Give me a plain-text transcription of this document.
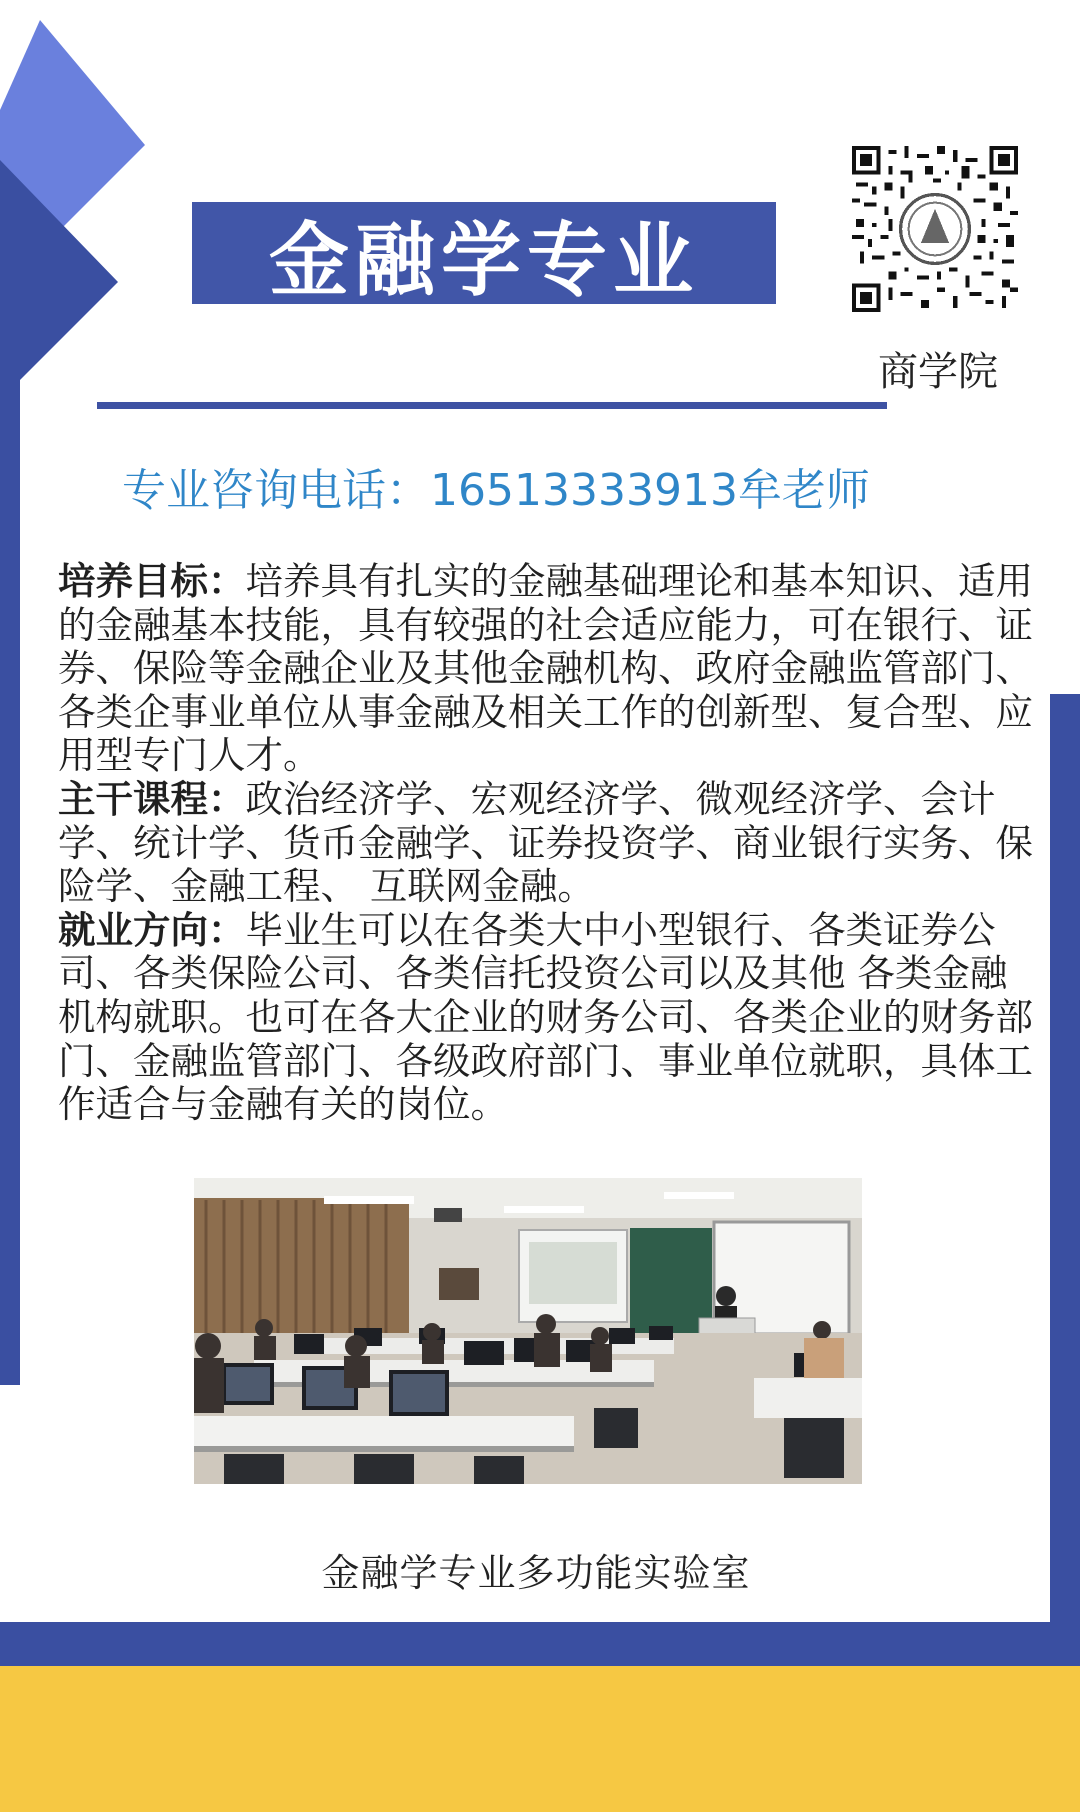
金融学专业
商学院
专业咨询电话：16513333913牟老师

培养目标：培养具有扎实的金融基础理论和基本知识、适用的金融基本技能，具有较强的社会适应能力，可在银行、证券、保险等金融企业及其他金融机构、政府金融监管部门、各类企事业单位从事金融及相关工作的创新型、复合型、应用型专门人才。

主干课程：政治经济学、宏观经济学、微观经济学、会计学、统计学、货币金融学、证券投资学、商业银行实务、保险学、金融工程、 互联网金融。

就业方向：毕业生可以在各类大中小型银行、各类证券公司、各类保险公司、各类信托投资公司以及其他 各类金融机构就职。也可在各大企业的财务公司、各类企业的财务部门、金融监管部门、各级政府部门、事业单位就职，具体工作适合与金融有关的岗位。

金融学专业多功能实验室
